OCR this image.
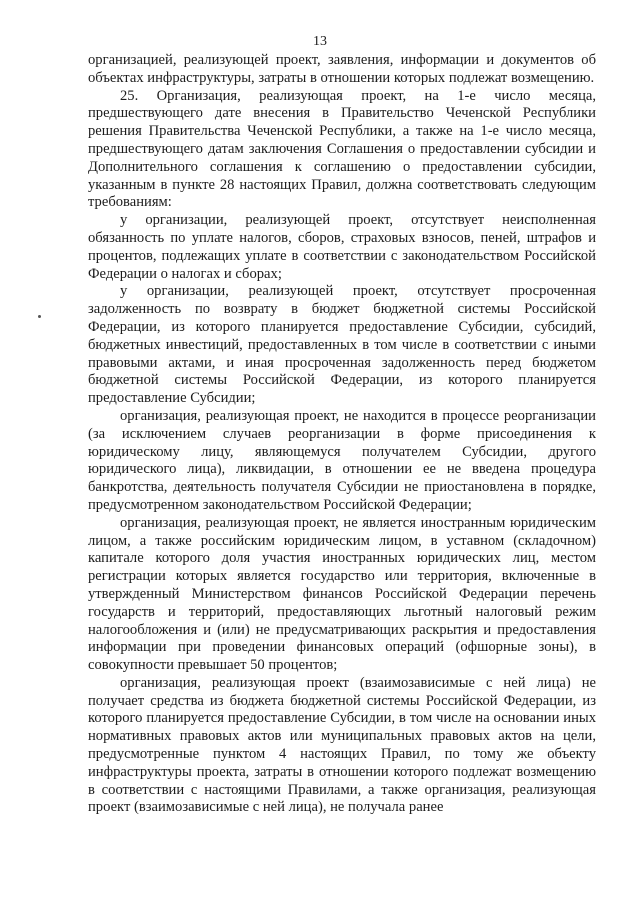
13

организацией, реализующей проект, заявления, информации и документов об объектах инфраструктуры, затраты в отношении которых подлежат возмещению.

25. Организация, реализующая проект, на 1-е число месяца, предшествующего дате внесения в Правительство Чеченской Республики решения Правительства Чеченской Республики, а также на 1-е число месяца, предшествующего датам заключения Соглашения о предоставлении субсидии и Дополнительного соглашения к соглашению о предоставлении субсидии, указанным в пункте 28 настоящих Правил, должна соответствовать следующим требованиям:

у организации, реализующей проект, отсутствует неисполненная обязанность по уплате налогов, сборов, страховых взносов, пеней, штрафов и процентов, подлежащих уплате в соответствии с законодательством Российской Федерации о налогах и сборах;

у организации, реализующей проект, отсутствует просроченная задолженность по возврату в бюджет бюджетной системы Российской Федерации, из которого планируется предоставление Субсидии, субсидий, бюджетных инвестиций, предоставленных в том числе в соответствии с иными правовыми актами, и иная просроченная задолженность перед бюджетом бюджетной системы Российской Федерации, из которого планируется предоставление Субсидии;

организация, реализующая проект, не находится в процессе реорганизации (за исключением случаев реорганизации в форме присоединения к юридическому лицу, являющемуся получателем Субсидии, другого юридического лица), ликвидации, в отношении ее не введена процедура банкротства, деятельность получателя Субсидии не приостановлена в порядке, предусмотренном законодательством Российской Федерации;

организация, реализующая проект, не является иностранным юридическим лицом, а также российским юридическим лицом, в уставном (складочном) капитале которого доля участия иностранных юридических лиц, местом регистрации которых является государство или территория, включенные в утвержденный Министерством финансов Российской Федерации перечень государств и территорий, предоставляющих льготный налоговый режим налогообложения и (или) не предусматривающих раскрытия и предоставления информации при проведении финансовых операций (офшорные зоны), в совокупности превышает 50 процентов;

организация, реализующая проект (взаимозависимые с ней лица) не получает средства из бюджета бюджетной системы Российской Федерации, из которого планируется предоставление Субсидии, в том числе на основании иных нормативных правовых актов или муниципальных правовых актов на цели, предусмотренные пунктом 4 настоящих Правил, по тому же объекту инфраструктуры проекта, затраты в отношении которого подлежат возмещению в соответствии с настоящими Правилами, а также организация, реализующая проект (взаимозависимые с ней лица), не получала ранее
